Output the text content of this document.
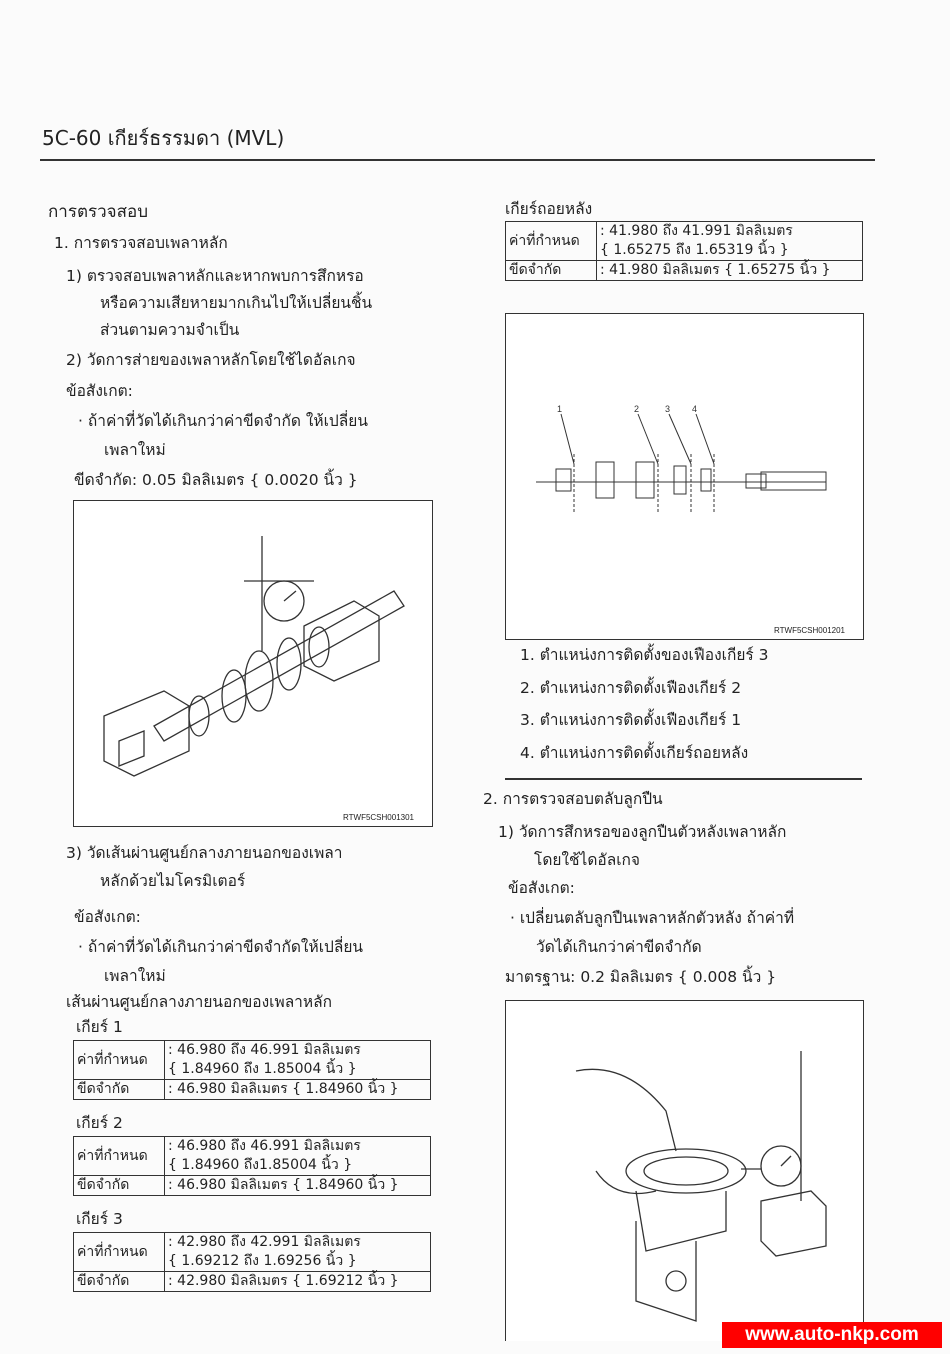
5C-60 เกียร์ธรรมดา (MVL)
การตรวจสอบ
1. การตรวจสอบเพลาหลัก
1) ตรวจสอบเพลาหลักและหากพบการสึกหรอ
หรือความเสียหายมากเกินไปให้เปลี่ยนชิ้น
ส่วนตามความจำเป็น
2) วัดการส่ายของเพลาหลักโดยใช้ไดอัลเกจ
ข้อสังเกต:
· ถ้าค่าที่วัดได้เกินกว่าค่าขีดจำกัด ให้เปลี่ยน
เพลาใหม่
ขีดจำกัด: 0.05 มิลลิเมตร { 0.0020 นิ้ว }
RTWF5CSH001301
3) วัดเส้นผ่านศูนย์กลางภายนอกของเพลา
หลักด้วยไมโครมิเตอร์
ข้อสังเกต:
· ถ้าค่าที่วัดได้เกินกว่าค่าขีดจำกัดให้เปลี่ยน
เพลาใหม่
เส้นผ่านศูนย์กลางภายนอกของเพลาหลัก
เกียร์ 1
ค่าที่กำหนด	: 46.980 ถึง 46.991 มิลลิเมตร
{ 1.84960 ถึง 1.85004 นิ้ว }

ขีดจำกัด	: 46.980 มิลลิเมตร { 1.84960 นิ้ว }
เกียร์ 2
ค่าที่กำหนด	: 46.980 ถึง 46.991 มิลลิเมตร
{ 1.84960 ถึง1.85004 นิ้ว }

ขีดจำกัด	: 46.980 มิลลิเมตร { 1.84960 นิ้ว }
เกียร์ 3
ค่าที่กำหนด	: 42.980 ถึง 42.991 มิลลิเมตร
{ 1.69212 ถึง 1.69256 นิ้ว }

ขีดจำกัด	: 42.980 มิลลิเมตร { 1.69212 นิ้ว }
เกียร์ถอยหลัง
ค่าที่กำหนด	: 41.980 ถึง 41.991 มิลลิเมตร
{ 1.65275 ถึง 1.65319 นิ้ว }

ขีดจำกัด	: 41.980 มิลลิเมตร { 1.65275 นิ้ว }
1	2	3 4
RTWF5CSH001201
1. ตำแหน่งการติดตั้งของเฟืองเกียร์ 3
2. ตำแหน่งการติดตั้งเฟืองเกียร์ 2
3. ตำแหน่งการติดตั้งเฟืองเกียร์ 1
4. ตำแหน่งการติดตั้งเกียร์ถอยหลัง
2. การตรวจสอบตลับลูกปืน
1) วัดการสึกหรอของลูกปืนตัวหลังเพลาหลัก
โดยใช้ไดอัลเกจ
ข้อสังเกต:
· เปลี่ยนตลับลูกปืนเพลาหลักตัวหลัง ถ้าค่าที่
วัดได้เกินกว่าค่าขีดจำกัด
มาตรฐาน: 0.2 มิลลิเมตร { 0.008 นิ้ว }
www.auto-nkp.com
